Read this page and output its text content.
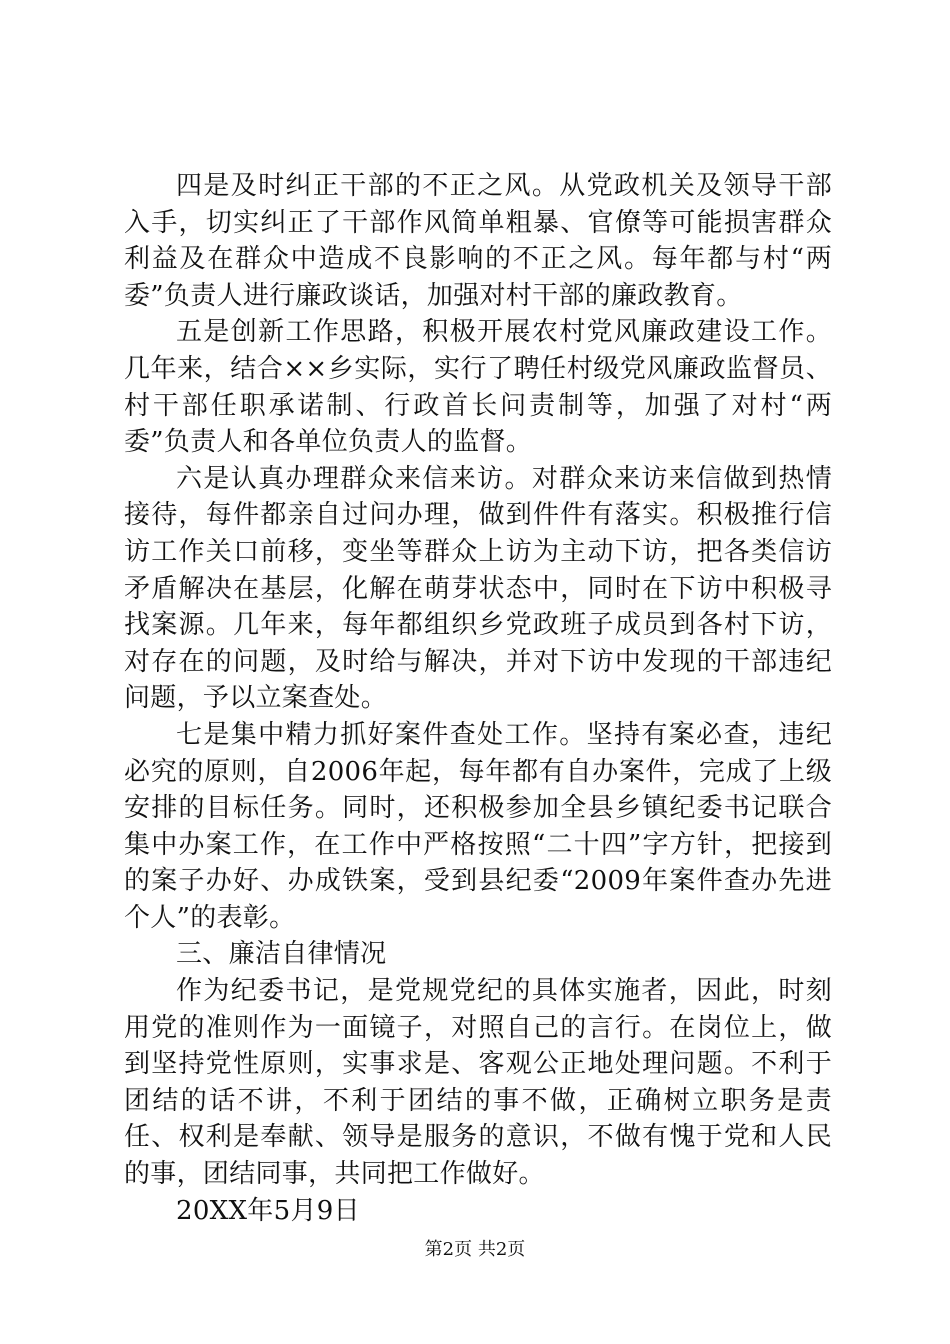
四是及时纠正干部的不正之风。从党政机关及领导干部入手，切实纠正了干部作风简单粗暴、官僚等可能损害群众利益及在群众中造成不良影响的不正之风。每年都与村“两委”负责人进行廉政谈话，加强对村干部的廉政教育。

五是创新工作思路，积极开展农村党风廉政建设工作。几年来，结合××乡实际，实行了聘任村级党风廉政监督员、村干部任职承诺制、行政首长问责制等，加强了对村“两委”负责人和各单位负责人的监督。

六是认真办理群众来信来访。对群众来访来信做到热情接待，每件都亲自过问办理，做到件件有落实。积极推行信访工作关口前移，变坐等群众上访为主动下访，把各类信访矛盾解决在基层，化解在萌芽状态中，同时在下访中积极寻找案源。几年来，每年都组织乡党政班子成员到各村下访，对存在的问题，及时给与解决，并对下访中发现的干部违纪问题，予以立案查处。

七是集中精力抓好案件查处工作。坚持有案必查，违纪必究的原则，自2006年起，每年都有自办案件，完成了上级安排的目标任务。同时，还积极参加全县乡镇纪委书记联合集中办案工作，在工作中严格按照“二十四”字方针，把接到的案子办好、办成铁案，受到县纪委“2009年案件查办先进个人”的表彰。

三、廉洁自律情况

作为纪委书记，是党规党纪的具体实施者，因此，时刻用党的准则作为一面镜子，对照自己的言行。在岗位上，做到坚持党性原则，实事求是、客观公正地处理问题。不利于团结的话不讲，不利于团结的事不做，正确树立职务是责任、权利是奉献、领导是服务的意识，不做有愧于党和人民的事，团结同事，共同把工作做好。

20XX年5月9日

第2页 共2页
